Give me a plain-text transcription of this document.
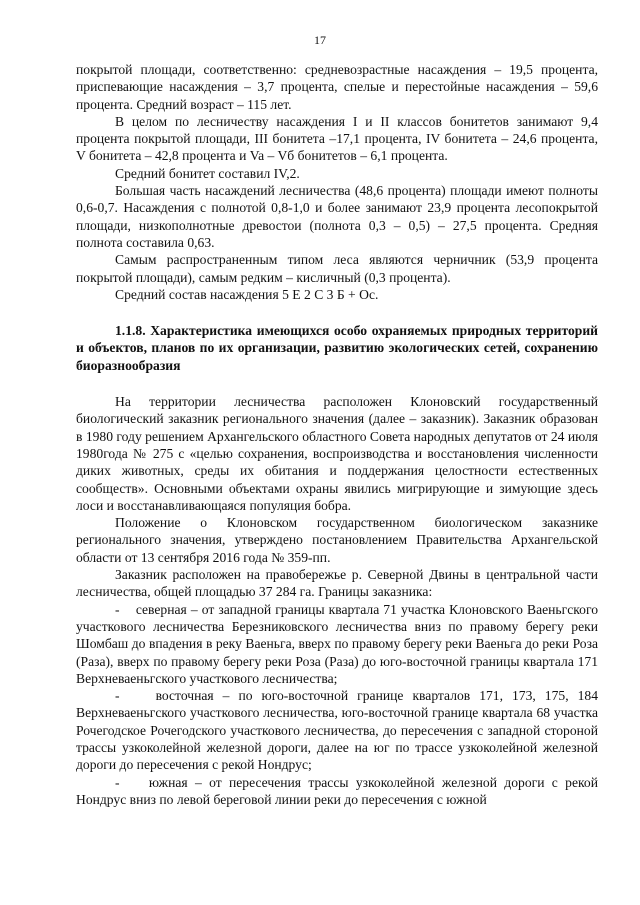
17

покрытой площади, соответственно: средневозрастные насаждения – 19,5 процента, приспевающие насаждения – 3,7 процента, спелые и перестойные насаждения – 59,6 процента. Средний возраст – 115 лет.

В целом по лесничеству насаждения I и II классов бонитетов занимают 9,4 процента покрытой площади, III бонитета –17,1 процента, IV бонитета – 24,6 процента, V бонитета – 42,8 процента и Va – Vб бонитетов – 6,1 процента.

Средний бонитет составил IV,2.

Большая часть насаждений лесничества (48,6 процента) площади имеют полноты 0,6-0,7. Насаждения с полнотой 0,8-1,0 и более занимают 23,9 процента лесопокрытой площади, низкополнотные древостои (полнота 0,3 – 0,5) – 27,5 процента. Средняя полнота составила 0,63.

Самым распространенным типом леса являются черничник (53,9 процента покрытой площади), самым редким – кисличный (0,3 процента).

Средний состав насаждения 5 Е 2 С 3 Б + Ос.

1.1.8. Характеристика имеющихся особо охраняемых природных территорий и объектов, планов по их организации, развитию экологических сетей, сохранению биоразнообразия

На территории лесничества расположен Клоновский государственный биологический заказник регионального значения (далее – заказник). Заказник образован в 1980 году решением Архангельского областного Совета народных депутатов от 24 июля 1980года № 275 с «целью сохранения, воспроизводства и восстановления численности диких животных, среды их обитания и поддержания целостности естественных сообществ». Основными объектами охраны явились мигрирующие и зимующие здесь лоси и восстанавливающаяся популяция бобра.

Положение о Клоновском государственном биологическом заказнике регионального значения, утверждено постановлением Правительства Архангельской области от 13 сентября 2016 года № 359-пп.

Заказник расположен на правобережье р. Северной Двины в центральной части лесничества, общей площадью 37 284 га. Границы заказника:

-    северная – от западной границы квартала 71 участка Клоновского Ваеньгского участкового лесничества Березниковского лесничества вниз по правому берегу реки Шомбаш до впадения в реку Ваеньга, вверх по правому берегу реки Ваеньга до реки Роза (Раза), вверх по правому берегу реки Роза (Раза) до юго-восточной границы квартала 171 Верхневаеньгского участкового лесничества;

-    восточная – по юго-восточной границе кварталов 171, 173, 175, 184 Верхневаеньгского участкового лесничества, юго-восточной границе квартала 68 участка Рочегодское Рочегодского участкового лесничества, до пересечения с западной стороной трассы узкоколейной железной дороги, далее на юг по трассе узкоколейной железной дороги до пересечения с рекой Нондрус;

-    южная – от пересечения трассы узкоколейной железной дороги с рекой Нондрус вниз по левой береговой линии реки до пересечения с южной
